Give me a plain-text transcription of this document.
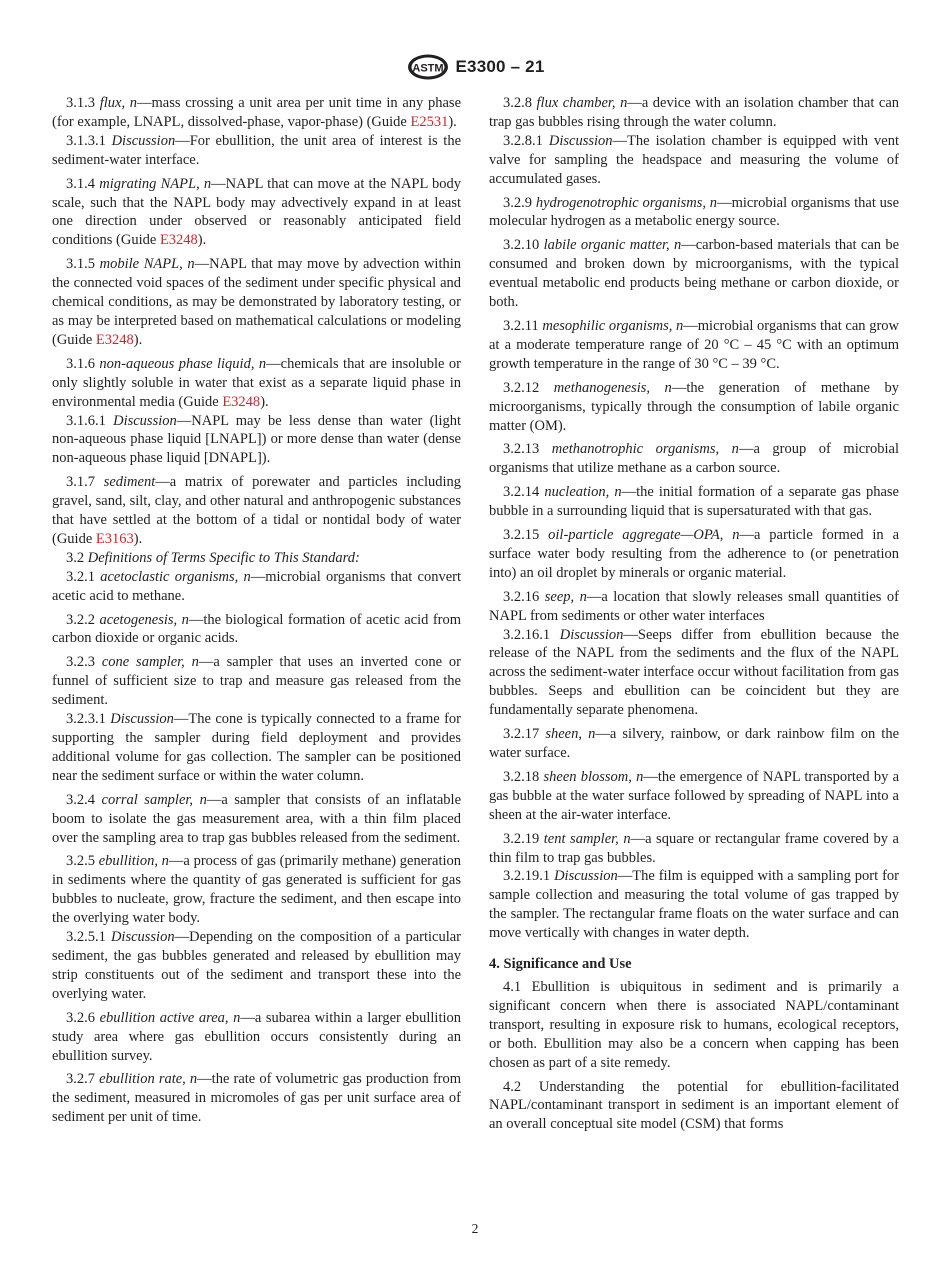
ASTM E3300 – 21

3.1.3 flux, n—mass crossing a unit area per unit time in any phase (for example, LNAPL, dissolved-phase, vapor-phase) (Guide E2531).

3.1.3.1 Discussion—For ebullition, the unit area of interest is the sediment-water interface.

3.1.4 migrating NAPL, n—NAPL that can move at the NAPL body scale, such that the NAPL body may advectively expand in at least one direction under observed or reasonably anticipated field conditions (Guide E3248).

3.1.5 mobile NAPL, n—NAPL that may move by advection within the connected void spaces of the sediment under specific physical and chemical conditions, as may be demonstrated by laboratory testing, or as may be interpreted based on mathematical calculations or modeling (Guide E3248).

3.1.6 non-aqueous phase liquid, n—chemicals that are insoluble or only slightly soluble in water that exist as a separate liquid phase in environmental media (Guide E3248).

3.1.6.1 Discussion—NAPL may be less dense than water (light non-aqueous phase liquid [LNAPL]) or more dense than water (dense non-aqueous phase liquid [DNAPL]).

3.1.7 sediment—a matrix of porewater and particles including gravel, sand, silt, clay, and other natural and anthropogenic substances that have settled at the bottom of a tidal or nontidal body of water (Guide E3163).

3.2 Definitions of Terms Specific to This Standard:

3.2.1 acetoclastic organisms, n—microbial organisms that convert acetic acid to methane.

3.2.2 acetogenesis, n—the biological formation of acetic acid from carbon dioxide or organic acids.

3.2.3 cone sampler, n—a sampler that uses an inverted cone or funnel of sufficient size to trap and measure gas released from the sediment.

3.2.3.1 Discussion—The cone is typically connected to a frame for supporting the sampler during field deployment and provides additional volume for gas collection. The sampler can be positioned near the sediment surface or within the water column.

3.2.4 corral sampler, n—a sampler that consists of an inflatable boom to isolate the gas measurement area, with a thin film placed over the sampling area to trap gas bubbles released from the sediment.

3.2.5 ebullition, n—a process of gas (primarily methane) generation in sediments where the quantity of gas generated is sufficient for gas bubbles to nucleate, grow, fracture the sediment, and then escape into the overlying water body.

3.2.5.1 Discussion—Depending on the composition of a particular sediment, the gas bubbles generated and released by ebullition may strip constituents out of the sediment and transport these into the overlying water.

3.2.6 ebullition active area, n—a subarea within a larger ebullition study area where gas ebullition occurs consistently during an ebullition survey.

3.2.7 ebullition rate, n—the rate of volumetric gas production from the sediment, measured in micromoles of gas per unit surface area of sediment per unit of time.

3.2.8 flux chamber, n—a device with an isolation chamber that can trap gas bubbles rising through the water column.

3.2.8.1 Discussion—The isolation chamber is equipped with vent valve for sampling the headspace and measuring the volume of accumulated gases.

3.2.9 hydrogenotrophic organisms, n—microbial organisms that use molecular hydrogen as a metabolic energy source.

3.2.10 labile organic matter, n—carbon-based materials that can be consumed and broken down by microorganisms, with the typical eventual metabolic end products being methane or carbon dioxide, or both.

3.2.11 mesophilic organisms, n—microbial organisms that can grow at a moderate temperature range of 20 °C – 45 °C with an optimum growth temperature in the range of 30 °C – 39 °C.

3.2.12 methanogenesis, n—the generation of methane by microorganisms, typically through the consumption of labile organic matter (OM).

3.2.13 methanotrophic organisms, n—a group of microbial organisms that utilize methane as a carbon source.

3.2.14 nucleation, n—the initial formation of a separate gas phase bubble in a surrounding liquid that is supersaturated with that gas.

3.2.15 oil-particle aggregate—OPA, n—a particle formed in a surface water body resulting from the adherence to (or penetration into) an oil droplet by minerals or organic material.

3.2.16 seep, n—a location that slowly releases small quantities of NAPL from sediments or other water interfaces

3.2.16.1 Discussion—Seeps differ from ebullition because the release of the NAPL from the sediments and the flux of the NAPL across the sediment-water interface occur without facilitation from gas bubbles. Seeps and ebullition can be coincident but they are fundamentally separate phenomena.

3.2.17 sheen, n—a silvery, rainbow, or dark rainbow film on the water surface.

3.2.18 sheen blossom, n—the emergence of NAPL transported by a gas bubble at the water surface followed by spreading of NAPL into a sheen at the air-water interface.

3.2.19 tent sampler, n—a square or rectangular frame covered by a thin film to trap gas bubbles.

3.2.19.1 Discussion—The film is equipped with a sampling port for sample collection and measuring the total volume of gas trapped by the sampler. The rectangular frame floats on the water surface and can move vertically with changes in water depth.

4. Significance and Use

4.1 Ebullition is ubiquitous in sediment and is primarily a significant concern when there is associated NAPL/contaminant transport, resulting in exposure risk to humans, ecological receptors, or both. Ebullition may also be a concern when capping has been chosen as part of a site remedy.

4.2 Understanding the potential for ebullition-facilitated NAPL/contaminant transport in sediment is an important element of an overall conceptual site model (CSM) that forms

2
